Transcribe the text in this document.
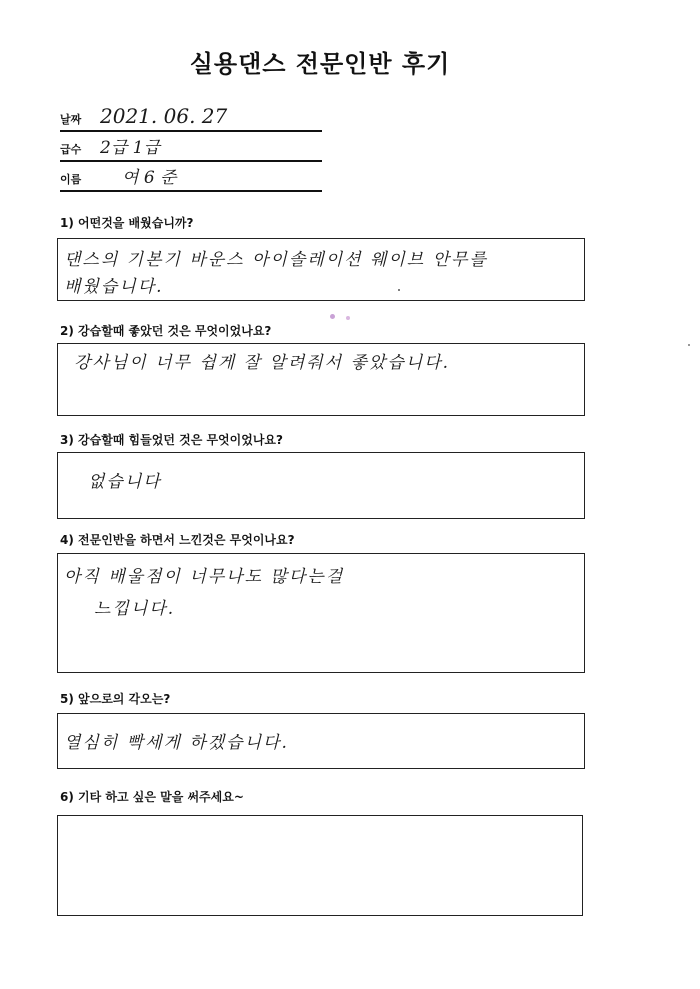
실용댄스 전문인반 후기
날짜 2021. 06. 27
급수 2급 1급
이름 여 6 준
1) 어떤것을 배웠습니까?
댄스의 기본기 바운스 아이솔레이션 웨이브 안무를
배웠습니다.
2) 강습할때 좋았던 것은 무엇이었나요?
강사님이 너무 쉽게 잘 알려줘서 좋았습니다.
3) 강습할때 힘들었던 것은 무엇이었나요?
없습니다
4) 전문인반을 하면서 느낀것은 무엇이나요?
아직 배울점이 너무나도 많다는걸
느낍니다.
5) 앞으로의 각오는?
열심히 빡세게 하겠습니다.
6) 기타 하고 싶은 말을 써주세요~
